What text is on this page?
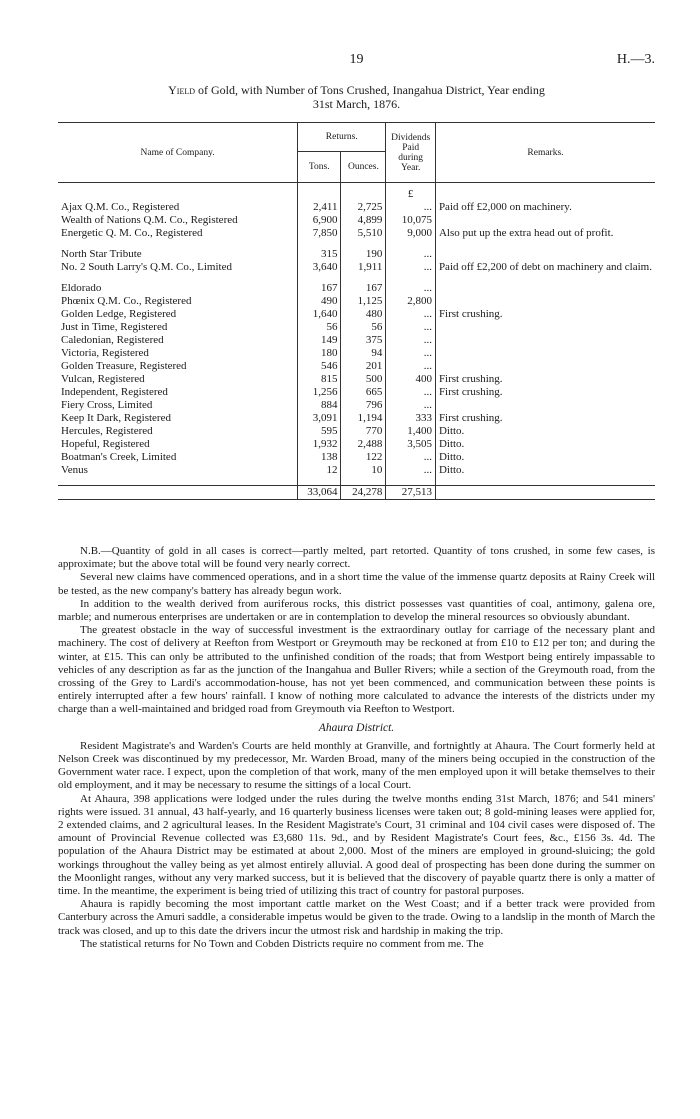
19	H.—3.
Yield of Gold, with Number of Tons Crushed, Inangahua District, Year ending
31st March, 1876.
Name of Company.	Returns.		Dividends Paid during Year.	Remarks.
	Tons.	Ounces.		
			£	
Ajax Q.M. Co., Registered	2,411	2,725	...	Paid off £2,000 on machinery.
Wealth of Nations Q.M. Co., Registered	6,900	4,899	10,075	
Energetic Q. M. Co., Registered	7,850	5,510	9,000	Also put up the extra head out of profit.

North Star Tribute	315	190	...	
No. 2 South Larry's Q.M. Co., Limited	3,640	1,911	...	Paid off £2,200 of debt on machinery and claim.

Eldorado	167	167	...	
Phœnix Q.M. Co., Registered	490	1,125	2,800	
Golden Ledge, Registered	1,640	480	...	First crushing.
Just in Time, Registered	56	56	...	
Caledonian, Registered	149	375	...	
Victoria, Registered	180	94	...	
Golden Treasure, Registered	546	201	...	
Vulcan, Registered	815	500	400	First crushing.
Independent, Registered	1,256	665	...	First crushing.
Fiery Cross, Limited	884	796	...	
Keep It Dark, Registered	3,091	1,194	333	First crushing.
Hercules, Registered	595	770	1,400	Ditto.
Hopeful, Registered	1,932	2,488	3,505	Ditto.
Boatman's Creek, Limited	138	122	...	Ditto.
Venus	12	10	...	Ditto.

	33,064	24,278	27,513	

N.B.—Quantity of gold in all cases is correct—partly melted, part retorted. Quantity of tons crushed, in some few cases, is approximate; but the above total will be found very nearly correct.

Several new claims have commenced operations, and in a short time the value of the immense quartz deposits at Rainy Creek will be tested, as the new company's battery has already begun work.

In addition to the wealth derived from auriferous rocks, this district possesses vast quantities of coal, antimony, galena ore, marble; and numerous enterprises are undertaken or are in contemplation to develop the mineral resources so obviously abundant.

The greatest obstacle in the way of successful investment is the extraordinary outlay for carriage of the necessary plant and machinery. The cost of delivery at Reefton from Westport or Greymouth may be reckoned at from £10 to £12 per ton; and during the winter, at £15. This can only be attributed to the unfinished condition of the roads; that from Westport being entirely impassable to vehicles of any description as far as the junction of the Inangahua and Buller Rivers; while a section of the Greymouth road, from the crossing of the Grey to Lardi's accommodation-house, has not yet been commenced, and communication between these points is entirely interrupted after a few hours' rainfall. I know of nothing more calculated to advance the interests of the districts under my charge than a well-maintained and bridged road from Greymouth via Reefton to Westport.

Ahaura District.

Resident Magistrate's and Warden's Courts are held monthly at Granville, and fortnightly at Ahaura. The Court formerly held at Nelson Creek was discontinued by my predecessor, Mr. Warden Broad, many of the miners being occupied in the construction of the Government water race. I expect, upon the completion of that work, many of the men employed upon it will betake themselves to their old employment, and it may be necessary to resume the sittings of a local Court.

At Ahaura, 398 applications were lodged under the rules during the twelve months ending 31st March, 1876; and 541 miners' rights were issued. 31 annual, 43 half-yearly, and 16 quarterly business licenses were taken out; 8 gold-mining leases were applied for, 2 extended claims, and 2 agricultural leases. In the Resident Magistrate's Court, 31 criminal and 104 civil cases were disposed of. The amount of Provincial Revenue collected was £3,680 11s. 9d., and by Resident Magistrate's Court fees, &c., £156 3s. 4d. The population of the Ahaura District may be estimated at about 2,000. Most of the miners are employed in ground-sluicing; the gold workings throughout the valley being as yet almost entirely alluvial. A good deal of prospecting has been done during the summer on the Moonlight ranges, without any very marked success, but it is believed that the discovery of payable quartz there is only a matter of time. In the meantime, the experiment is being tried of utilizing this tract of country for pastoral purposes.

Ahaura is rapidly becoming the most important cattle market on the West Coast; and if a better track were provided from Canterbury across the Amuri saddle, a considerable impetus would be given to the trade. Owing to a landslip in the month of March the track was closed, and up to this date the drivers incur the utmost risk and hardship in making the trip.

The statistical returns for No Town and Cobden Districts require no comment from me. The
